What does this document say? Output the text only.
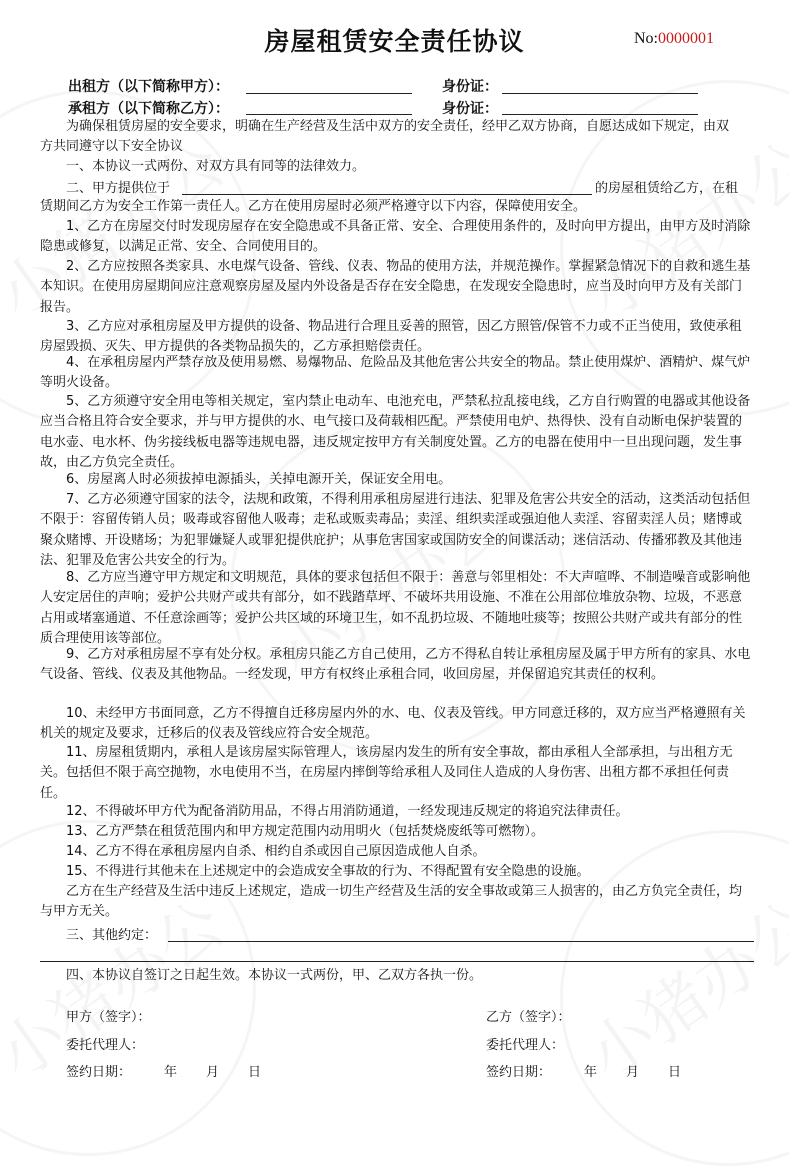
房屋租赁安全责任协议	No:0000001
出租方（以下简称甲方）：	身份证：
承租方（以下简称乙方）：	身份证：
为确保租赁房屋的安全要求，明确在生产经营及生活中双方的安全责任，经甲乙双方协商，自愿达成如下规定，由双方共同遵守以下安全协议
一、本协议一式两份、对双方具有同等的法律效力。
二、甲方提供位于	的房屋租赁给乙方，在租
赁期间乙方为安全工作第一责任人。乙方在使用房屋时必须严格遵守以下内容，保障使用安全。
1、乙方在房屋交付时发现房屋存在安全隐患或不具备正常、安全、合理使用条件的，及时向甲方提出，由甲方及时消除隐患或修复，以满足正常、安全、合同使用目的。
2、乙方应按照各类家具、水电煤气设备、管线、仪表、物品的使用方法，并规范操作。掌握紧急情况下的自救和逃生基本知识。在使用房屋期间应注意观察房屋及屋内外设备是否存在安全隐患，在发现安全隐患时，应当及时向甲方及有关部门报告。
3、乙方应对承租房屋及甲方提供的设备、物品进行合理且妥善的照管，因乙方照管/保管不力或不正当使用，致使承租房屋毁损、灭失、甲方提供的各类物品损失的，乙方承担赔偿责任。
4、在承租房屋内严禁存放及使用易燃、易爆物品、危险品及其他危害公共安全的物品。禁止使用煤炉、酒精炉、煤气炉等明火设备。
5、乙方须遵守安全用电等相关规定，室内禁止电动车、电池充电，严禁私拉乱接电线，乙方自行购置的电器或其他设备应当合格且符合安全要求，并与甲方提供的水、电气接口及荷载相匹配。严禁使用电炉、热得快、没有自动断电保护装置的电水壶、电水杯、伪劣接线板电器等违规电器，违反规定按甲方有关制度处置。乙方的电器在使用中一旦出现问题，发生事故，由乙方负完全责任。
6、房屋离人时必须拔掉电源插头，关掉电源开关，保证安全用电。
7、乙方必须遵守国家的法令，法规和政策，不得利用承租房屋进行违法、犯罪及危害公共安全的活动，这类活动包括但不限于：容留传销人员；吸毒或容留他人吸毒；走私或贩卖毒品；卖淫、组织卖淫或强迫他人卖淫、容留卖淫人员；赌博或聚众赌博、开设赌场；为犯罪嫌疑人或罪犯提供庇护；从事危害国家或国防安全的间谍活动；迷信活动、传播邪教及其他违法、犯罪及危害公共安全的行为。
8、乙方应当遵守甲方规定和文明规范，具体的要求包括但不限于：善意与邻里相处：不大声喧哗、不制造噪音或影响他人安定居住的声响；爱护公共财产或共有部分，如不践踏草坪、不破坏共用设施、不准在公用部位堆放杂物、垃圾，不恶意占用或堵塞通道、不任意涂画等；爱护公共区域的环境卫生，如不乱扔垃圾、不随地吐痰等；按照公共财产或共有部分的性质合理使用该等部位。
9、乙方对承租房屋不享有处分权。承租房只能乙方自己使用，乙方不得私自转让承租房屋及属于甲方所有的家具、水电气设备、管线、仪表及其他物品。一经发现，甲方有权终止承租合同，收回房屋，并保留追究其责任的权利。
10、未经甲方书面同意，乙方不得擅自迁移房屋内外的水、电、仪表及管线。甲方同意迁移的，双方应当严格遵照有关机关的规定及要求，迁移后的仪表及管线应符合安全规范。
11、房屋租赁期内，承租人是该房屋实际管理人，该房屋内发生的所有安全事故，都由承租人全部承担，与出租方无关。包括但不限于高空抛物，水电使用不当，在房屋内摔倒等给承租人及同住人造成的人身伤害、出租方都不承担任何责任。
12、不得破坏甲方代为配备消防用品，不得占用消防通道，一经发现违反规定的将追究法律责任。
13、乙方严禁在租赁范围内和甲方规定范围内动用明火（包括焚烧废纸等可燃物）。
14、乙方不得在承租房屋内自杀、相约自杀或因自己原因造成他人自杀。
15、不得进行其他未在上述规定中的会造成安全事故的行为、不得配置有安全隐患的设施。
乙方在生产经营及生活中违反上述规定，造成一切生产经营及生活的安全事故或第三人损害的，由乙方负完全责任，均与甲方无关。
三、其他约定：
四、本协议自签订之日起生效。本协议一式两份，甲、乙双方各执一份。
甲方（签字）：	乙方（签字）：
委托代理人：	委托代理人：
签约日期：	年 月 日	签约日期：	年 月 日
